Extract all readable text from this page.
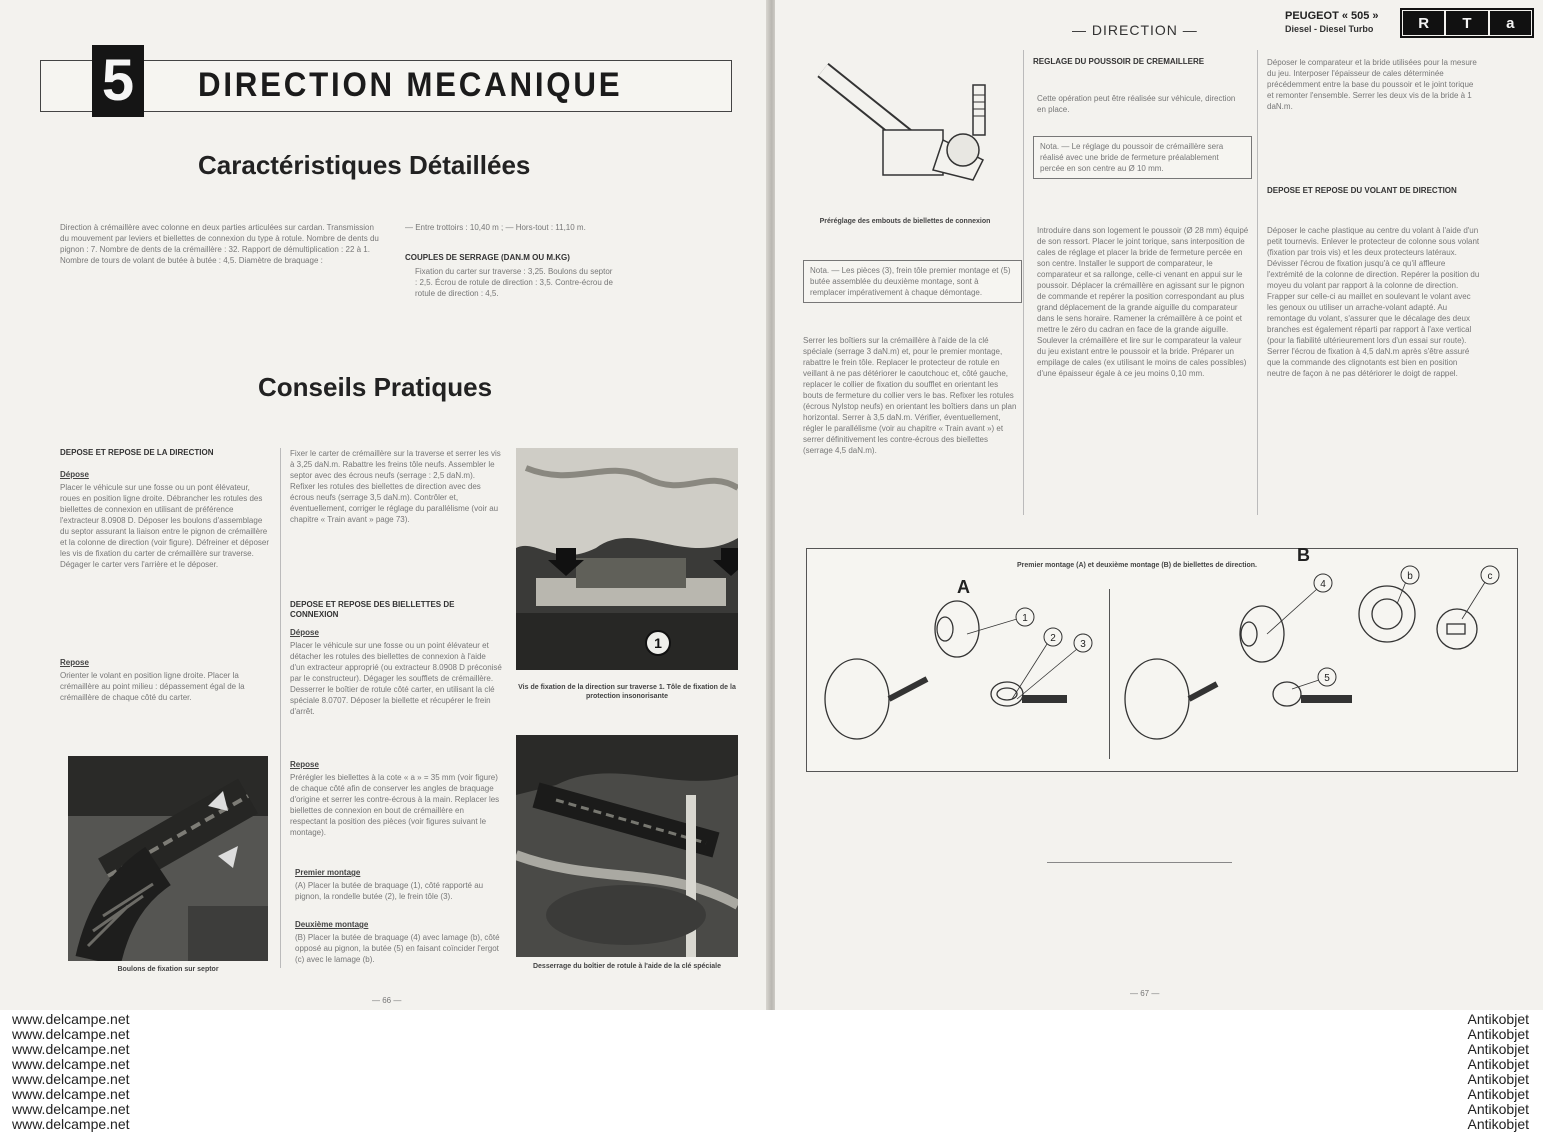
5 DIRECTION MECANIQUE
Caractéristiques Détaillées
Direction à crémaillère avec colonne en deux parties articulées sur cardan. Transmission du mouvement par leviers et biellettes de connexion du type à rotule. Nombre de dents du pignon : 7. Nombre de dents de la crémaillère : 32. Rapport de démultiplication : 22 à 1. Nombre de tours de volant de butée à butée : 4,5. Diamètre de braquage :
— Entre trottoirs : 10,40 m ; — Hors-tout : 11,10 m.
COUPLES DE SERRAGE (DAN.M OU M.KG)
Fixation du carter sur traverse : 3,25. Boulons du septor : 2,5. Écrou de rotule de direction : 3,5. Contre-écrou de rotule de direction : 4,5.
Conseils Pratiques
DEPOSE ET REPOSE DE LA DIRECTION
Dépose
Placer le véhicule sur une fosse ou un pont élévateur, roues en position ligne droite. Débrancher les rotules des biellettes de connexion en utilisant de préférence l'extracteur 8.0908 D. Déposer les boulons d'assemblage du septor assurant la liaison entre le pignon de crémaillère et la colonne de direction (voir figure). Défreiner et déposer les vis de fixation du carter de crémaillère sur traverse. Dégager le carter vers l'arrière et le déposer.
Repose
Orienter le volant en position ligne droite. Placer la crémaillère au point milieu : dépassement égal de la crémaillère de chaque côté du carter.
Fixer le carter de crémaillère sur la traverse et serrer les vis à 3,25 daN.m. Rabattre les freins tôle neufs. Assembler le septor avec des écrous neufs (serrage : 2,5 daN.m). Refixer les rotules des biellettes de direction avec des écrous neufs (serrage 3,5 daN.m). Contrôler et, éventuellement, corriger le réglage du parallélisme (voir au chapitre « Train avant » page 73).
DEPOSE ET REPOSE DES BIELLETTES DE CONNEXION
Dépose
Placer le véhicule sur une fosse ou un point élévateur et détacher les rotules des biellettes de connexion à l'aide d'un extracteur approprié (ou extracteur 8.0908 D préconisé par le constructeur). Dégager les soufflets de crémaillère. Desserrer le boîtier de rotule côté carter, en utilisant la clé spéciale 8.0707. Déposer la biellette et récupérer le frein d'arrêt.
Repose
Prérégler les biellettes à la cote « a » = 35 mm (voir figure) de chaque côté afin de conserver les angles de braquage d'origine et serrer les contre-écrous à la main. Replacer les biellettes de connexion en bout de crémaillère en respectant la position des pièces (voir figures suivant le montage).
Premier montage
(A) Placer la butée de braquage (1), côté rapporté au pignon, la rondelle butée (2), le frein tôle (3).
Deuxième montage
(B) Placer la butée de braquage (4) avec lamage (b), côté opposé au pignon, la butée (5) en faisant coïncider l'ergot (c) avec le lamage (b).
1
Vis de fixation de la direction sur traverse 1. Tôle de fixation de la protection insonorisante
Desserrage du boîtier de rotule à l'aide de la clé spéciale
Boulons de fixation sur septor
— 66 —
— DIRECTION —
PEUGEOT « 505 »
Diesel - Diesel Turbo	R	T	a
Préréglage des embouts de biellettes de connexion
Nota. — Les pièces (3), frein tôle premier montage et (5) butée assemblée du deuxième montage, sont à remplacer impérativement à chaque démontage.
Serrer les boîtiers sur la crémaillère à l'aide de la clé spéciale (serrage 3 daN.m) et, pour le premier montage, rabattre le frein tôle. Replacer le protecteur de rotule en veillant à ne pas détériorer le caoutchouc et, côté gauche, replacer le collier de fixation du soufflet en orientant les bouts de fermeture du collier vers le bas. Refixer les rotules (écrous Nylstop neufs) en orientant les boîtiers dans un plan horizontal. Serrer à 3,5 daN.m. Vérifier, éventuellement, régler le parallélisme (voir au chapitre « Train avant ») et serrer définitivement les contre-écrous des biellettes (serrage 4,5 daN.m).
REGLAGE DU POUSSOIR DE CREMAILLERE
Cette opération peut être réalisée sur véhicule, direction en place.
Nota. — Le réglage du poussoir de crémaillère sera réalisé avec une bride de fermeture préalablement percée en son centre au Ø 10 mm.
Introduire dans son logement le poussoir (Ø 28 mm) équipé de son ressort. Placer le joint torique, sans interposition de cales de réglage et placer la bride de fermeture percée en son centre. Installer le support de comparateur, le comparateur et sa rallonge, celle-ci venant en appui sur le poussoir. Déplacer la crémaillère en agissant sur le pignon de commande et repérer la position correspondant au plus grand déplacement de la grande aiguille du comparateur dans le sens horaire. Ramener la crémaillère à ce point et mettre le zéro du cadran en face de la grande aiguille. Soulever la crémaillère et lire sur le comparateur la valeur du jeu existant entre le poussoir et la bride. Préparer un empilage de cales (ex utilisant le moins de cales possibles) d'une épaisseur égale à ce jeu moins 0,10 mm.
Déposer le comparateur et la bride utilisées pour la mesure du jeu. Interposer l'épaisseur de cales déterminée précédemment entre la base du poussoir et le joint torique et remonter l'ensemble. Serrer les deux vis de la bride à 1 daN.m.
DEPOSE ET REPOSE DU VOLANT DE DIRECTION
Déposer le cache plastique au centre du volant à l'aide d'un petit tournevis. Enlever le protecteur de colonne sous volant (fixation par trois vis) et les deux protecteurs latéraux. Dévisser l'écrou de fixation jusqu'à ce qu'il affleure l'extrémité de la colonne de direction. Repérer la position du moyeu du volant par rapport à la colonne de direction. Frapper sur celle-ci au maillet en soulevant le volant avec les genoux ou utiliser un arrache-volant adapté. Au remontage du volant, s'assurer que le décalage des deux branches est également réparti par rapport à l'axe vertical (pour la fiabilité ultérieurement lors d'un essai sur route). Serrer l'écrou de fixation à 4,5 daN.m après s'être assuré que la commande des clignotants est bien en position neutre de façon à ne pas détériorer le doigt de rappel.
— 67 —
Premier montage (A) et deuxième montage (B) de biellettes de direction.
A
B
1
2
3
4
5
b	c
www.delcampe.net
www.delcampe.net
www.delcampe.net
www.delcampe.net
www.delcampe.net
www.delcampe.net
www.delcampe.net
www.delcampe.net
Antikobjet
Antikobjet
Antikobjet
Antikobjet
Antikobjet
Antikobjet
Antikobjet
Antikobjet
